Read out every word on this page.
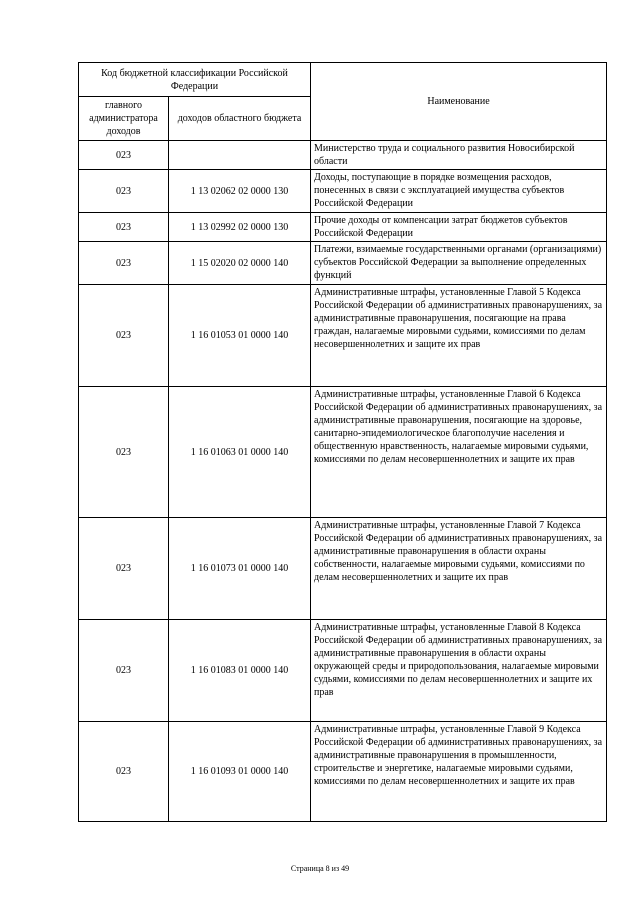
Код бюджетной классификации Российской Федерации		Наименование
главного администратора доходов	доходов областного бюджета	
023		Министерство труда и социального развития Новосибирской области
023	1 13 02062 02 0000 130	Доходы, поступающие в порядке возмещения расходов, понесенных в связи с эксплуатацией имущества субъектов Российской Федерации
023	1 13 02992 02 0000 130	Прочие доходы от компенсации затрат бюджетов субъектов Российской Федерации
023	1 15 02020 02 0000 140	Платежи, взимаемые государственными органами (организациями) субъектов Российской Федерации за выполнение определенных функций
023	1 16 01053 01 0000 140	Административные штрафы, установленные Главой 5 Кодекса Российской Федерации об административных правонарушениях, за административные правонарушения, посягающие на права граждан, налагаемые мировыми судьями, комиссиями по делам несовершеннолетних и защите их прав
023	1 16 01063 01 0000 140	Административные штрафы, установленные Главой 6 Кодекса Российской Федерации об административных правонарушениях, за административные правонарушения, посягающие на здоровье, санитарно-эпидемиологическое благополучие населения и общественную нравственность, налагаемые мировыми судьями, комиссиями по делам несовершеннолетних и защите их прав
023	1 16 01073 01 0000 140	Административные штрафы, установленные Главой 7 Кодекса Российской Федерации об административных правонарушениях, за административные правонарушения в области охраны собственности, налагаемые мировыми судьями, комиссиями по делам несовершеннолетних и защите их прав
023	1 16 01083 01 0000 140	Административные штрафы, установленные Главой 8 Кодекса Российской Федерации об административных правонарушениях, за административные правонарушения в области охраны окружающей среды и природопользования, налагаемые мировыми судьями, комиссиями по делам несовершеннолетних и защите их прав
023	1 16 01093 01 0000 140	Административные штрафы, установленные Главой 9 Кодекса Российской Федерации об административных правонарушениях, за административные правонарушения в промышленности, строительстве и энергетике, налагаемые мировыми судьями, комиссиями по делам несовершеннолетних и защите их прав
Страница 8 из 49
